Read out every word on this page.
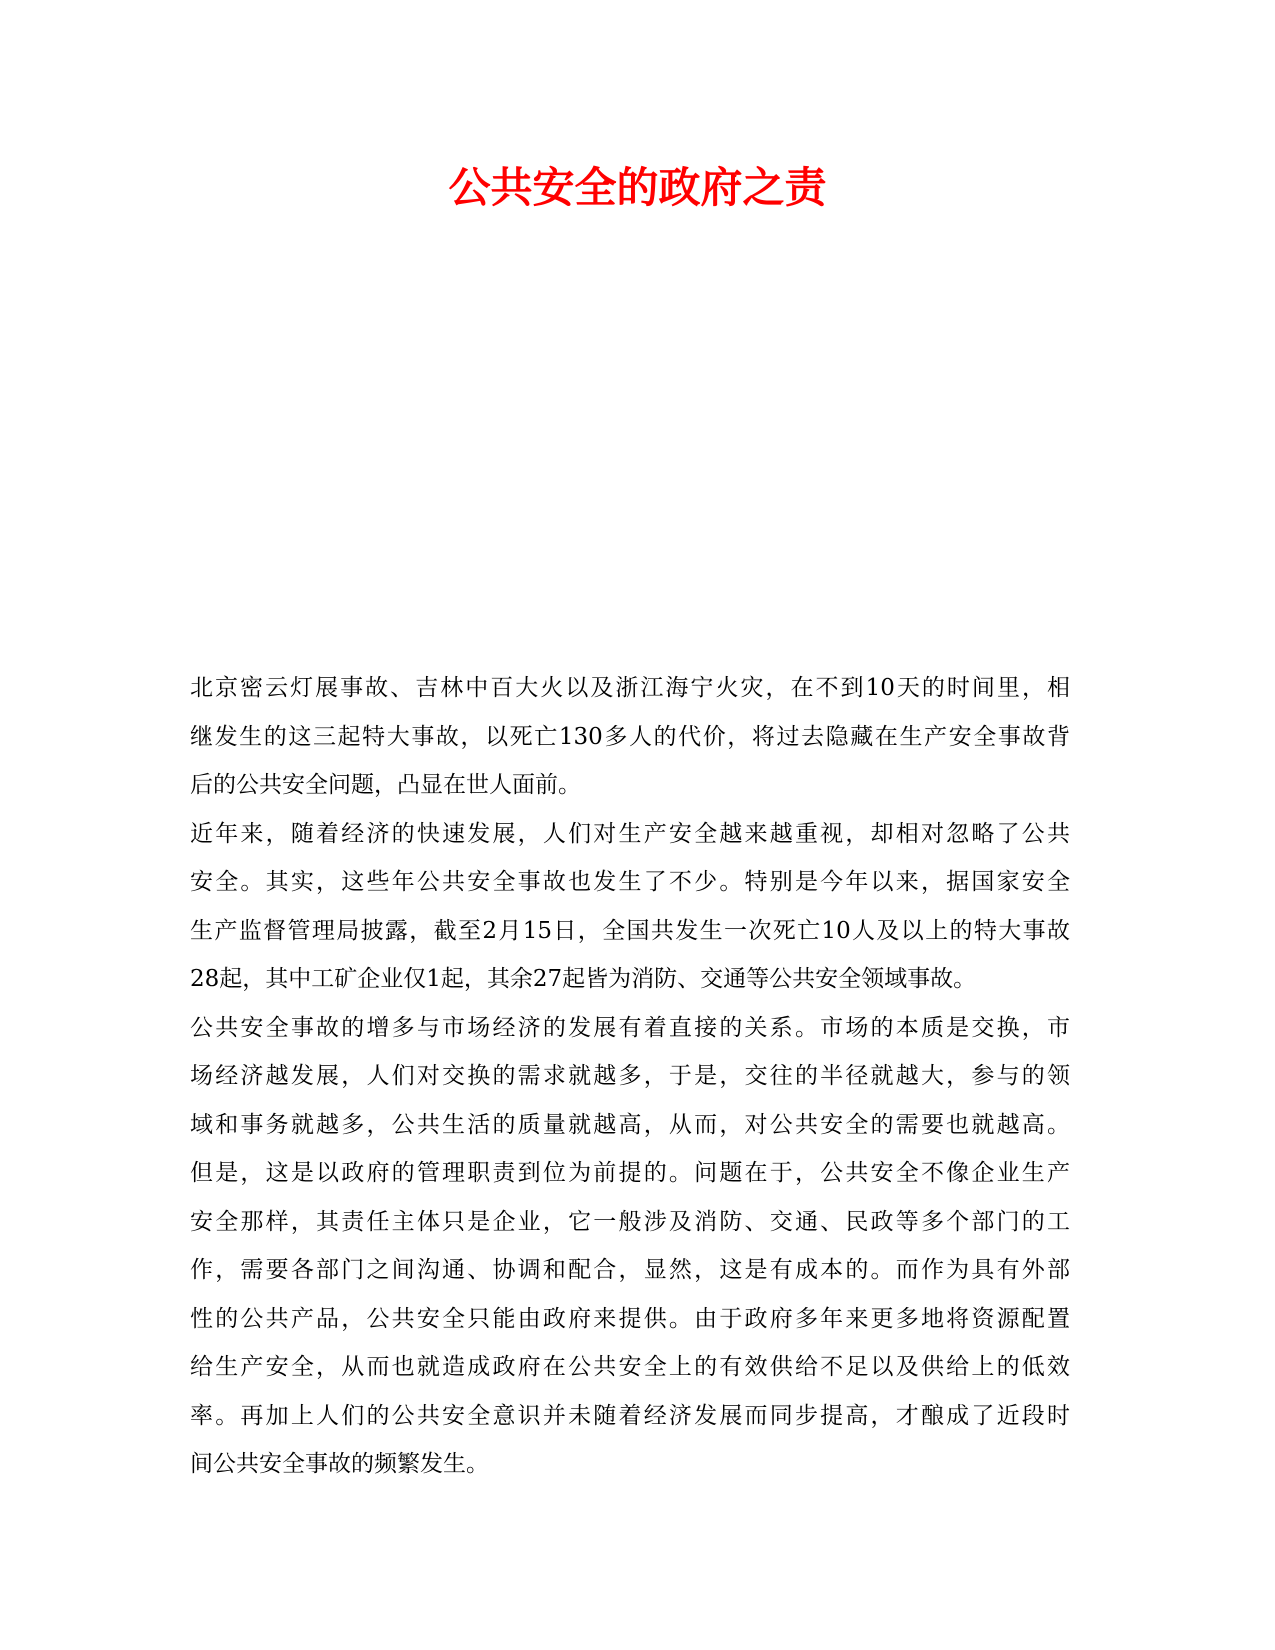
公共安全的政府之责

北京密云灯展事故、吉林中百大火以及浙江海宁火灾，在不到10天的时间里，相
继发生的这三起特大事故，以死亡130多人的代价，将过去隐藏在生产安全事故背
后的公共安全问题，凸显在世人面前。

近年来，随着经济的快速发展，人们对生产安全越来越重视，却相对忽略了公共
安全。其实，这些年公共安全事故也发生了不少。特别是今年以来，据国家安全
生产监督管理局披露，截至2月15日，全国共发生一次死亡10人及以上的特大事故
28起，其中工矿企业仅1起，其余27起皆为消防、交通等公共安全领域事故。

公共安全事故的增多与市场经济的发展有着直接的关系。市场的本质是交换，市
场经济越发展，人们对交换的需求就越多，于是，交往的半径就越大，参与的领
域和事务就越多，公共生活的质量就越高，从而，对公共安全的需要也就越高。
但是，这是以政府的管理职责到位为前提的。问题在于，公共安全不像企业生产
安全那样，其责任主体只是企业，它一般涉及消防、交通、民政等多个部门的工
作，需要各部门之间沟通、协调和配合，显然，这是有成本的。而作为具有外部
性的公共产品，公共安全只能由政府来提供。由于政府多年来更多地将资源配置
给生产安全，从而也就造成政府在公共安全上的有效供给不足以及供给上的低效
率。再加上人们的公共安全意识并未随着经济发展而同步提高，才酿成了近段时
间公共安全事故的频繁发生。
